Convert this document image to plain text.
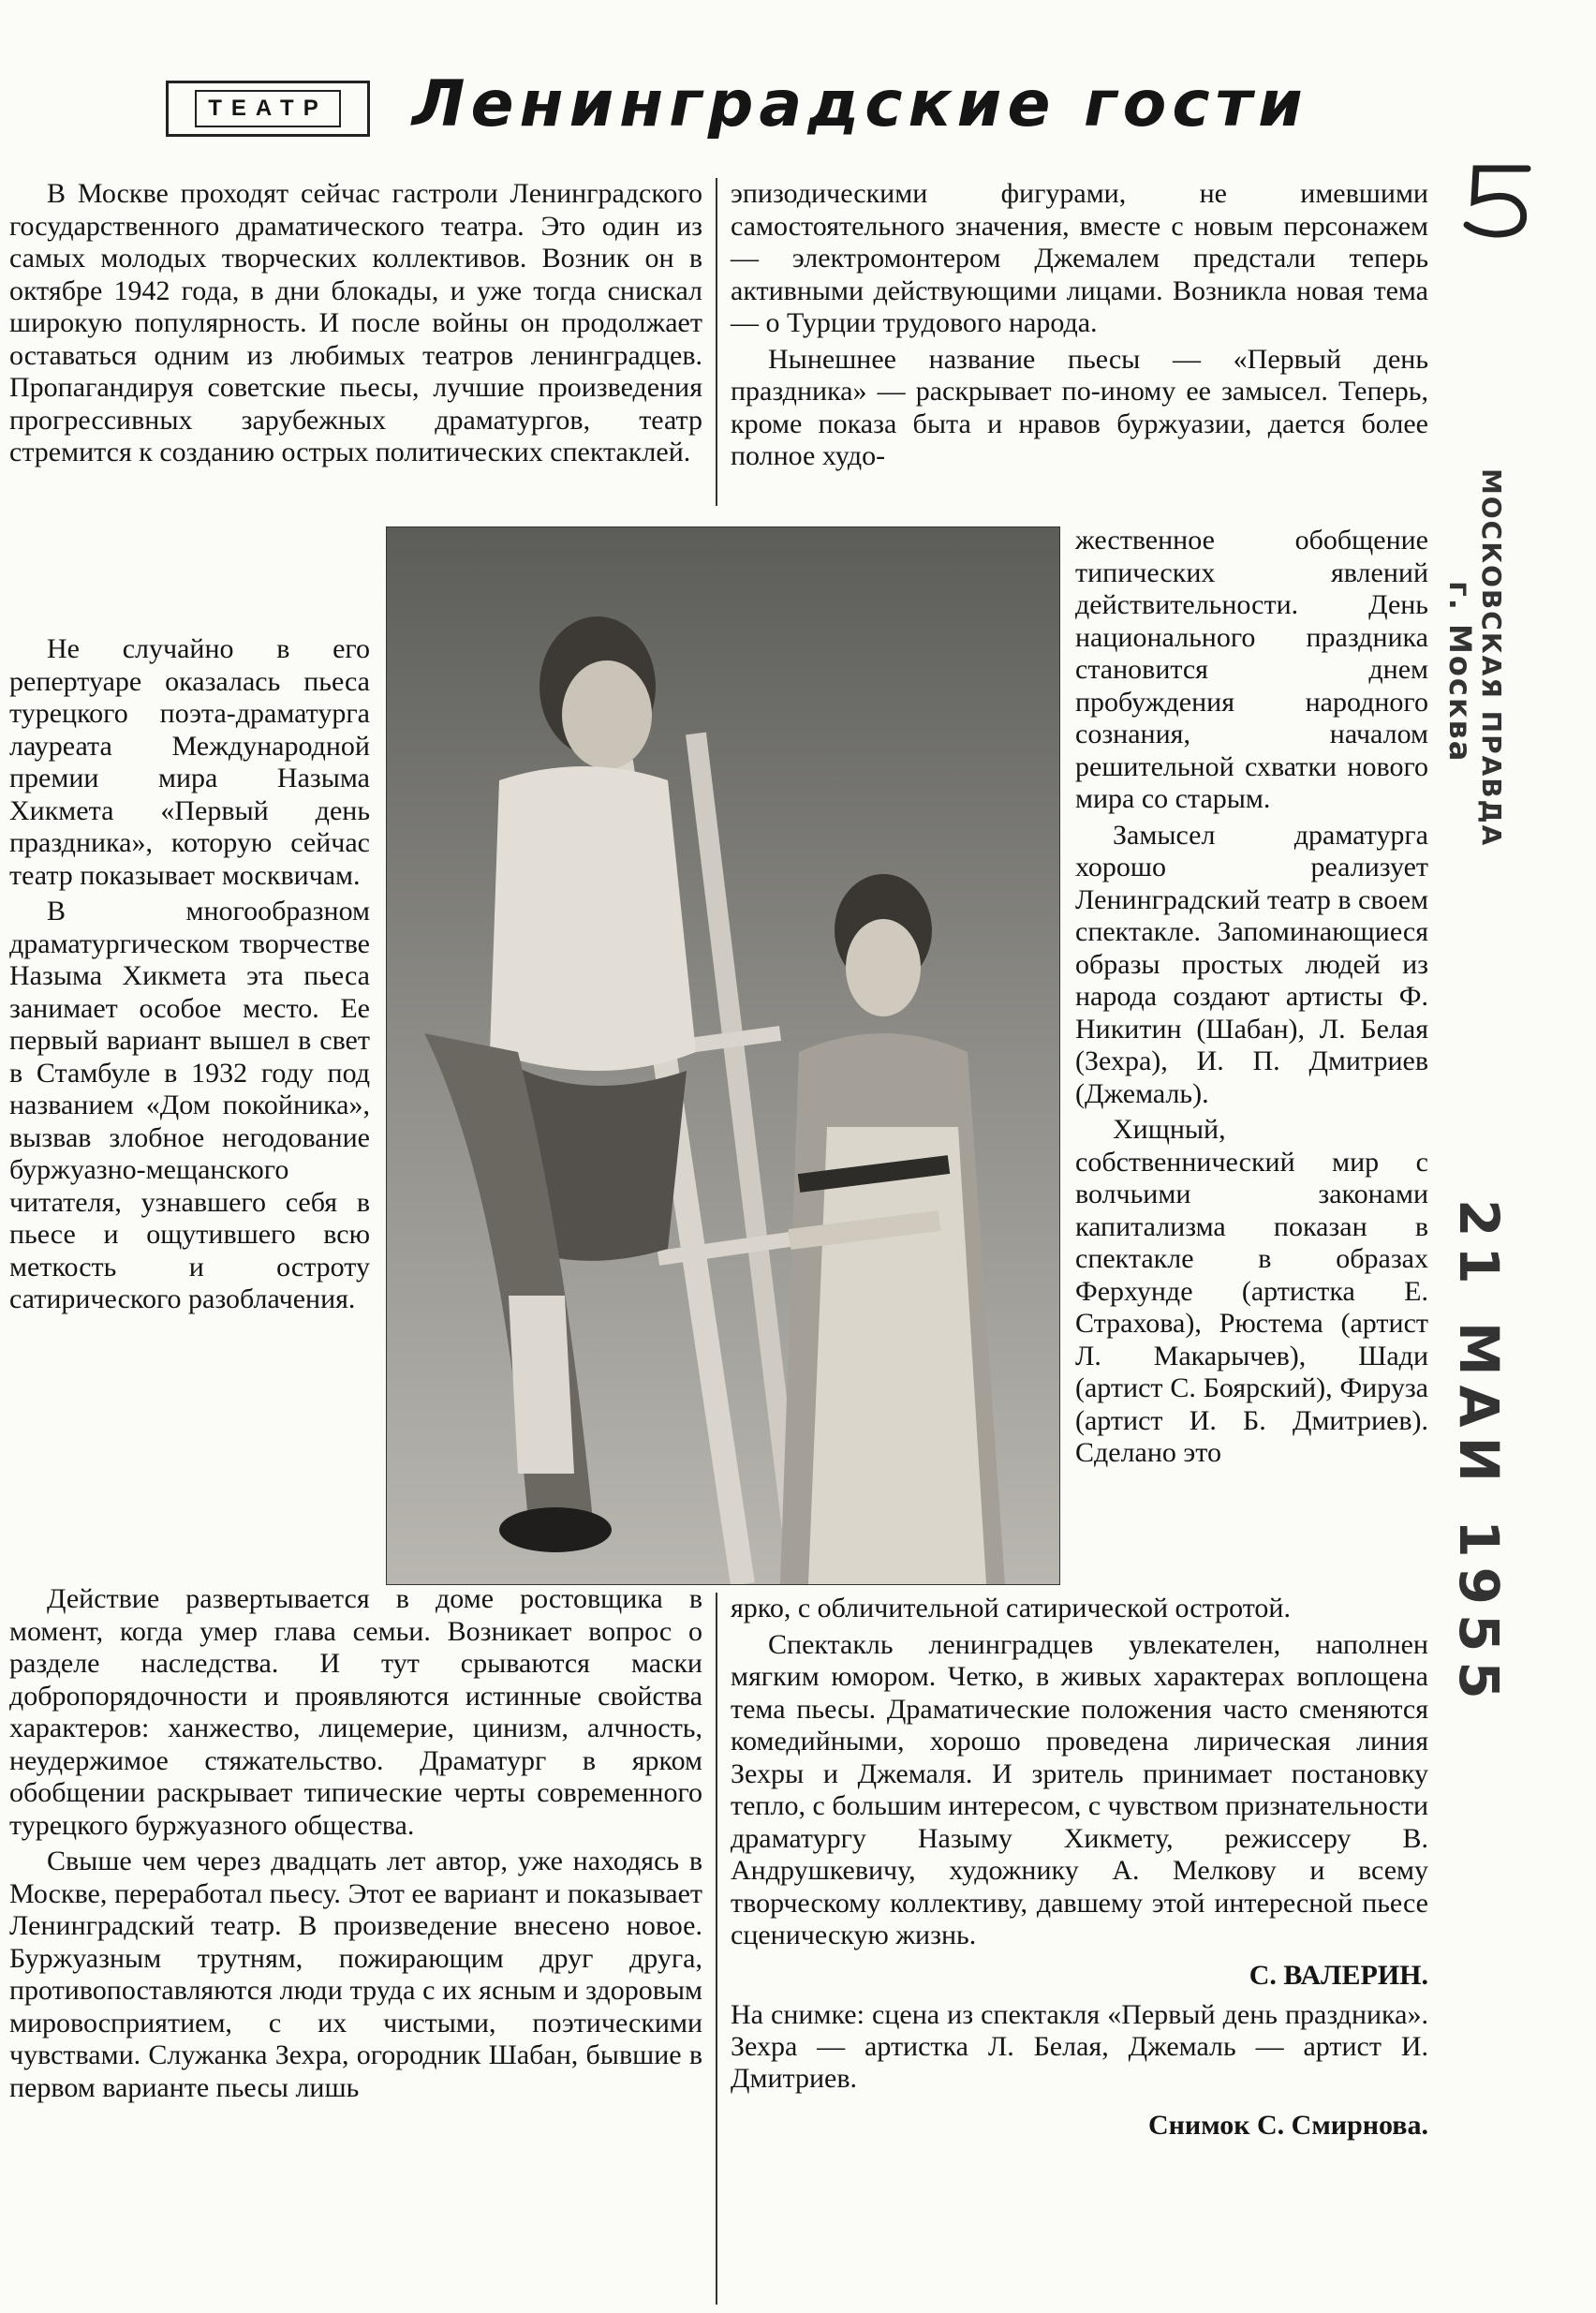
ТЕАТР Ленинградские гости

В Москве проходят сейчас гастроли Ленинградского государственного драматического театра. Это один из самых молодых творческих коллективов. Возник он в октябре 1942 года, в дни блокады, и уже тогда снискал широкую популярность. И после войны он продолжает оставаться одним из любимых театров ленинградцев. Пропагандируя советские пьесы, лучшие произведения прогрессивных зарубежных драматургов, театр стремится к созданию острых политических спектаклей.

Не случайно в его репертуаре оказалась пьеса турецкого поэта-драматурга лауреата Международной премии мира Назыма Хикмета «Первый день праздника», которую сейчас театр показывает москвичам.

В многообразном драматургическом творчестве Назыма Хикмета эта пьеса занимает особое место. Ее первый вариант вышел в свет в Стамбуле в 1932 году под названием «Дом покойника», вызвав злобное негодование буржуазно-мещанского читателя, узнавшего себя в пьесе и ощутившего всю меткость и остроту сатирического разоблачения.

эпизодическими фигурами, не имевшими самостоятельного значения, вместе с новым персонажем — электромонтером Джемалем предстали теперь активными действующими лицами. Возникла новая тема — о Турции трудового народа.

Нынешнее название пьесы — «Первый день праздника» — раскрывает по-иному ее замысел. Теперь, кроме показа быта и нравов буржуазии, дается более полное худо-

жественное обобщение типических явлений действительности. День национального праздника становится днем пробуждения народного сознания, началом решительной схватки нового мира со старым.

Замысел драматурга хорошо реализует Ленинградский театр в своем спектакле. Запоминающиеся образы простых людей из народа создают артисты Ф. Никитин (Шабан), Л. Белая (Зехра), И. П. Дмитриев (Джемаль).

Хищный, собственнический мир с волчьими законами капитализма показан в спектакле в образах Ферхунде (артистка Е. Страхова), Рюстема (артист Л. Макарычев), Шади (артист С. Боярский), Фируза (артист И. Б. Дмитриев). Сделано это

Действие развертывается в доме ростовщика в момент, когда умер глава семьи. Возникает вопрос о разделе наследства. И тут срываются маски добропорядочности и проявляются истинные свойства характеров: ханжество, лицемерие, цинизм, алчность, неудержимое стяжательство. Драматург в ярком обобщении раскрывает типические черты современного турецкого буржуазного общества.

Свыше чем через двадцать лет автор, уже находясь в Москве, переработал пьесу. Этот ее вариант и показывает Ленинградский театр. В произведение внесено новое. Буржуазным трутням, пожирающим друг друга, противопоставляются люди труда с их ясным и здоровым мировосприятием, с их чистыми, поэтическими чувствами. Служанка Зехра, огородник Шабан, бывшие в первом варианте пьесы лишь

ярко, с обличительной сатирической остротой.

Спектакль ленинградцев увлекателен, наполнен мягким юмором. Четко, в живых характерах воплощена тема пьесы. Драматические положения часто сменяются комедийными, хорошо проведена лирическая линия Зехры и Джемаля. И зритель принимает постановку тепло, с большим интересом, с чувством признательности драматургу Назыму Хикмету, режиссеру В. Андрушкевичу, художнику А. Мелкову и всему творческому коллективу, давшему этой интересной пьесе сценическую жизнь.

С. ВАЛЕРИН.
На снимке: сцена из спектакля «Первый день праздника». Зехра — артистка Л. Белая, Джемаль — артист И. Дмитриев.
Снимок С. Смирнова.
МОСКОВСКАЯ ПРАВДА
г. Москва
21 МАИ 1955
